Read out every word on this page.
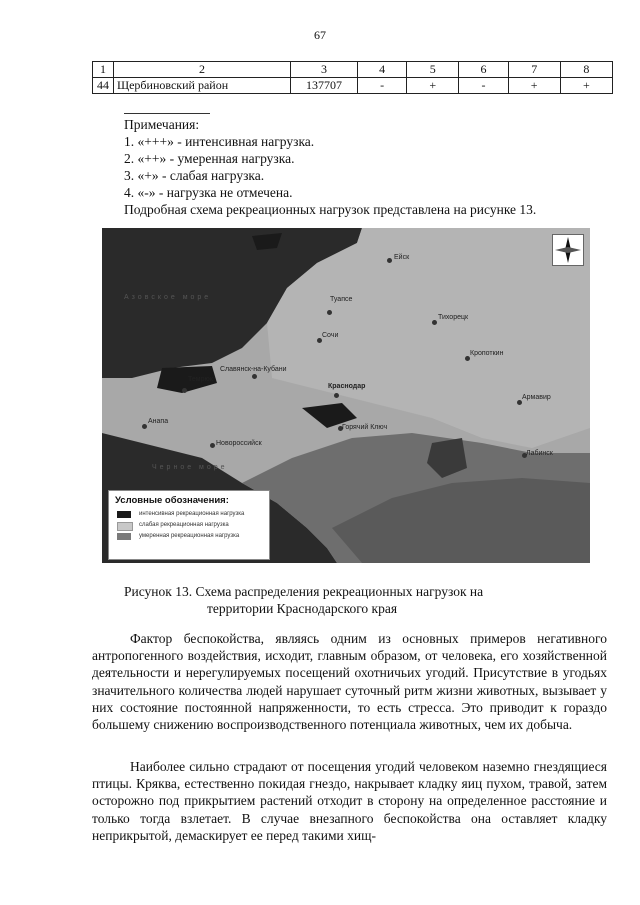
67
1	2	3	4	5	6	7	8
44	Щербиновский район	137707	-	+	-	+	+
Примечания:
1. «+++» - интенсивная нагрузка.
2. «++» - умеренная нагрузка.
3. «+» - слабая нагрузка.
4. «-» - нагрузка не отмечена.
Подробная схема рекреационных нагрузок представлена на рисунке 13.
Азовское море
Черное море
Ейск
Тихорецк
Кропоткин
Армавир
Краснодар
Славянск-на-Кубани
Темрюк
Анапа
Новороссийск
Туапсе
Сочи
Горячий Ключ
Лабинск
Условные обозначения:
интенсивная рекреационная нагрузка
слабая рекреационная нагрузка
умеренная рекреационная нагрузка
Рисунок 13. Схема распределения рекреационных нагрузок на
территории Краснодарского края
Фактор беспокойства, являясь одним из основных примеров негативного антропогенного воздействия, исходит, главным образом, от человека, его хозяйственной деятельности и нерегулируемых посещений охотничьих угодий. Присутствие в угодьях значительного количества людей нарушает суточный ритм жизни животных, вызывает у них состояние постоянной напряженности, то есть стресса. Это приводит к гораздо большему снижению воспроизводственного потенциала животных, чем их добыча.
Наиболее сильно страдают от посещения угодий человеком наземно гнездящиеся птицы. Кряква, естественно покидая гнездо, накрывает кладку яиц пухом, травой, затем осторожно под прикрытием растений отходит в сторону на определенное расстояние и только тогда взлетает. В случае внезапного беспокойства она оставляет кладку неприкрытой, демаскирует ее перед такими хищ-
